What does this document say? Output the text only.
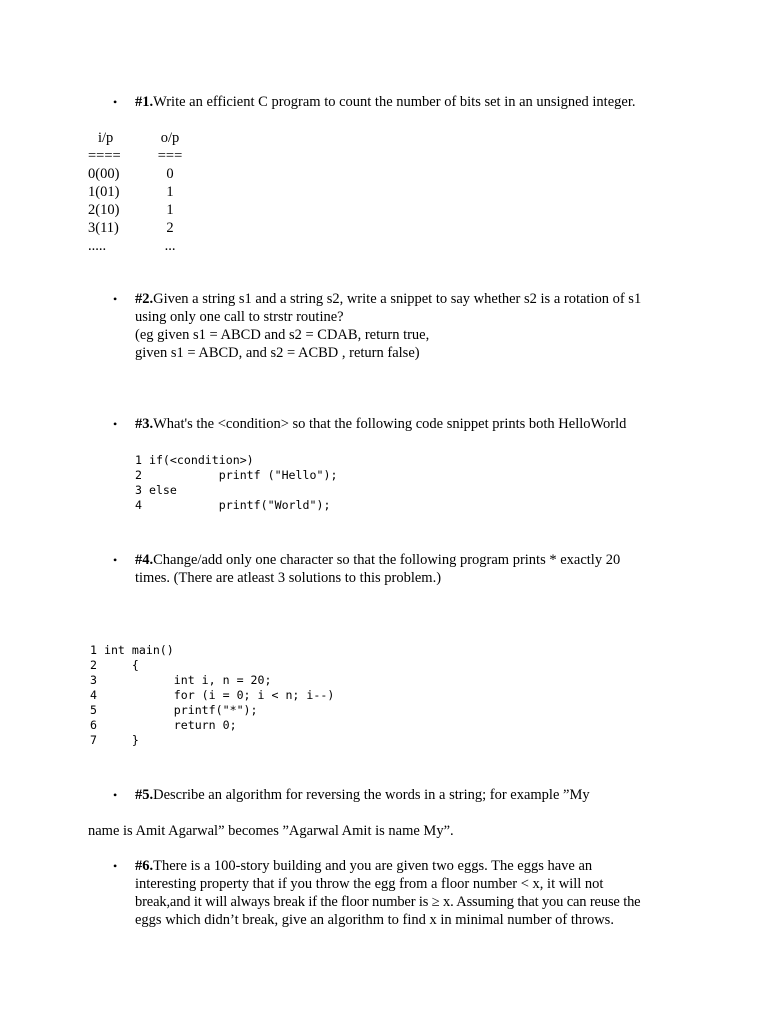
• #1.Write an efficient C program to count the number of bits set in an unsigned integer.
i/p	o/p
====	===
0(00)	0
1(01)	1
2(10)	1
3(11)	2
.....	...
• #2.Given a string s1 and a string s2, write a snippet to say whether s2 is a rotation of s1
using only one call to strstr routine?
(eg given s1 = ABCD and s2 = CDAB, return true,
given s1 = ABCD, and s2 = ACBD , return false)
• #3.What's the <condition> so that the following code snippet prints both HelloWorld
1 if(<condition>)
2           printf ("Hello");
3 else
4           printf("World");
• #4.Change/add only one character so that the following program prints * exactly 20
times. (There are atleast 3 solutions to this problem.)
1 int main()
2     {
3           int i, n = 20;
4           for (i = 0; i < n; i--)
5           printf("*");
6           return 0;
7     }
• #5.Describe an algorithm for reversing the words in a string; for example ”My
name is Amit Agarwal” becomes ”Agarwal Amit is name My”.
• #6.There is a 100-story building and you are given two eggs. The eggs have an
interesting property that if you throw the egg from a floor number < x, it will not
break,and it will always break if the floor number is ≥ x. Assuming that you can reuse the
eggs which didn’t break, give an algorithm to find x in minimal number of throws.
